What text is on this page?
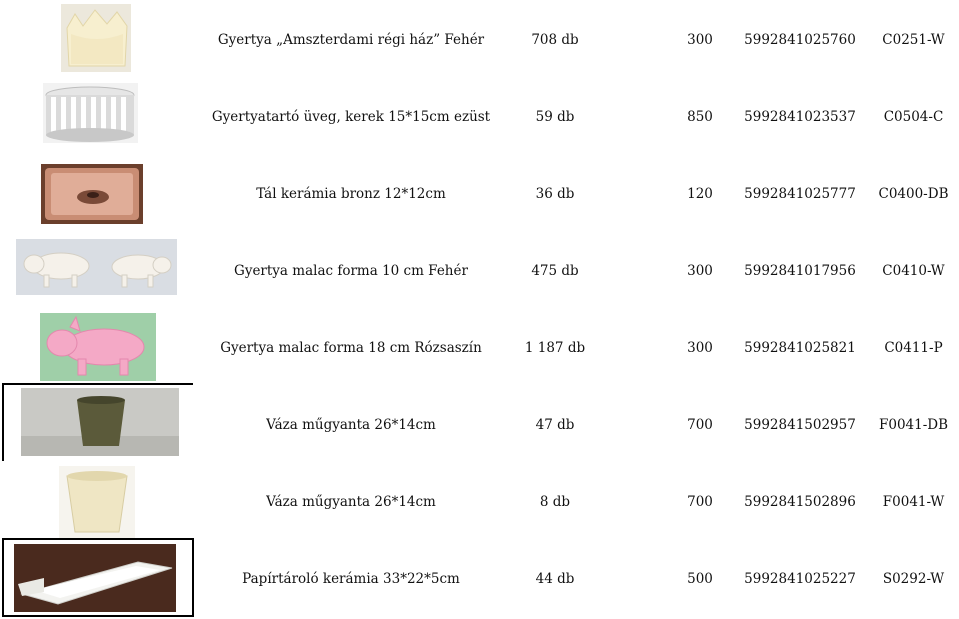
Gyertya „Amszterdami régi ház” Fehér	708 db	300	5992841025760	C0251-W
Gyertyatartó üveg, kerek 15*15cm ezüst	59 db	850	5992841023537	C0504-C
Tál kerámia bronz 12*12cm	36 db	120	5992841025777	C0400-DB
Gyertya malac forma 10 cm Fehér	475 db	300	5992841017956	C0410-W
Gyertya malac forma 18 cm Rózsaszín	1 187 db	300	5992841025821	C0411-P
Váza műgyanta 26*14cm	47 db	700	5992841502957	F0041-DB
Váza műgyanta 26*14cm	8 db	700	5992841502896	F0041-W
Papírtároló kerámia 33*22*5cm	44 db	500	5992841025227	S0292-W
